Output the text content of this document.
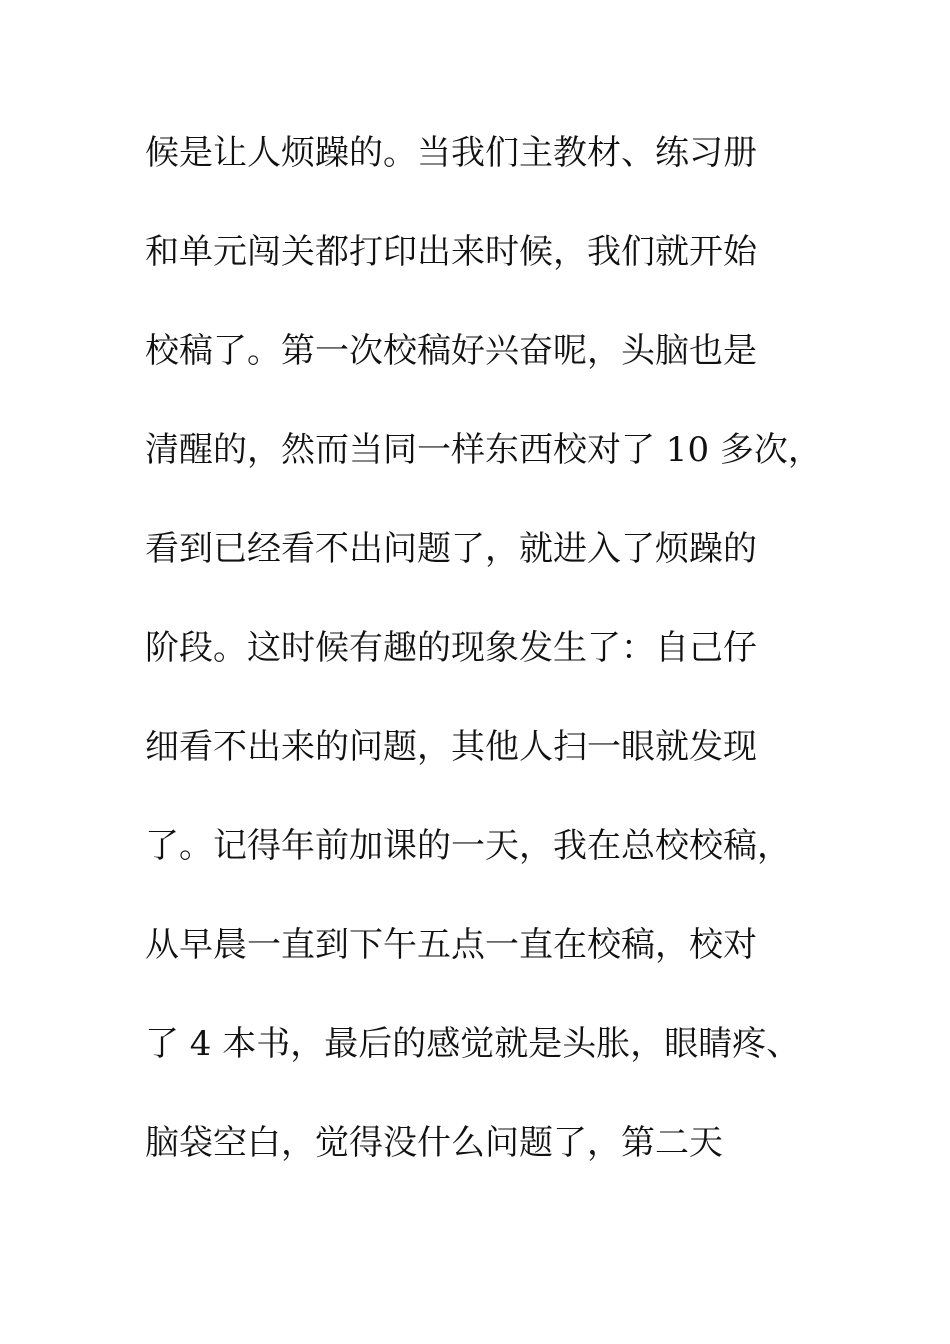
候是让人烦躁的。当我们主教材、练习册
和单元闯关都打印出来时候，我们就开始
校稿了。第一次校稿好兴奋呢，头脑也是
清醒的，然而当同一样东西校对了 10 多次，
看到已经看不出问题了，就进入了烦躁的
阶段。这时候有趣的现象发生了：自己仔
细看不出来的问题，其他人扫一眼就发现
了。记得年前加课的一天，我在总校校稿，
从早晨一直到下午五点一直在校稿，校对
了 4 本书，最后的感觉就是头胀，眼睛疼、
脑袋空白，觉得没什么问题了，第二天
